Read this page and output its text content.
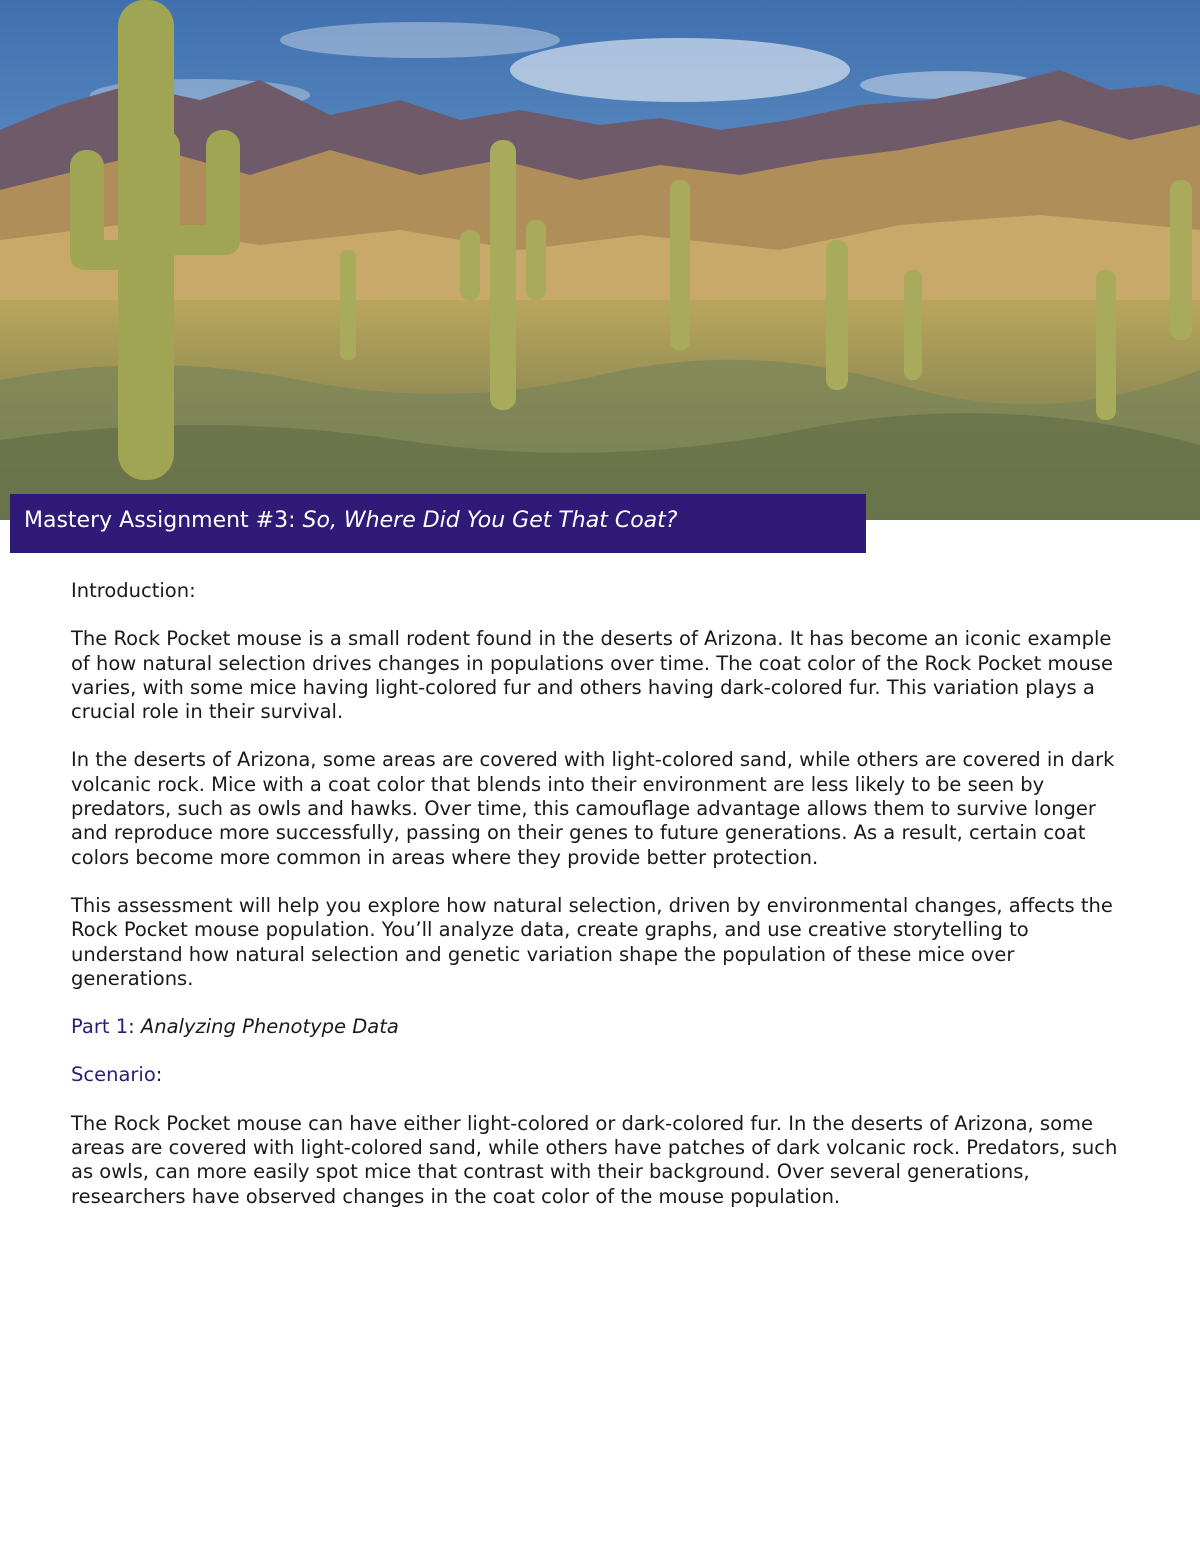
Mastery Assignment #3: So, Where Did You Get That Coat?

Introduction:

The Rock Pocket mouse is a small rodent found in the deserts of Arizona. It has become an iconic example of how natural selection drives changes in populations over time. The coat color of the Rock Pocket mouse varies, with some mice having light-colored fur and others having dark-colored fur. This variation plays a crucial role in their survival.

In the deserts of Arizona, some areas are covered with light-colored sand, while others are covered in dark volcanic rock. Mice with a coat color that blends into their environment are less likely to be seen by predators, such as owls and hawks. Over time, this camouflage advantage allows them to survive longer and reproduce more successfully, passing on their genes to future generations. As a result, certain coat colors become more common in areas where they provide better protection.

This assessment will help you explore how natural selection, driven by environmental changes, affects the Rock Pocket mouse population. You’ll analyze data, create graphs, and use creative storytelling to understand how natural selection and genetic variation shape the population of these mice over generations.

Part 1: Analyzing Phenotype Data

Scenario:

The Rock Pocket mouse can have either light-colored or dark-colored fur. In the deserts of Arizona, some areas are covered with light-colored sand, while others have patches of dark volcanic rock. Predators, such as owls, can more easily spot mice that contrast with their background. Over several generations, researchers have observed changes in the coat color of the mouse population.
